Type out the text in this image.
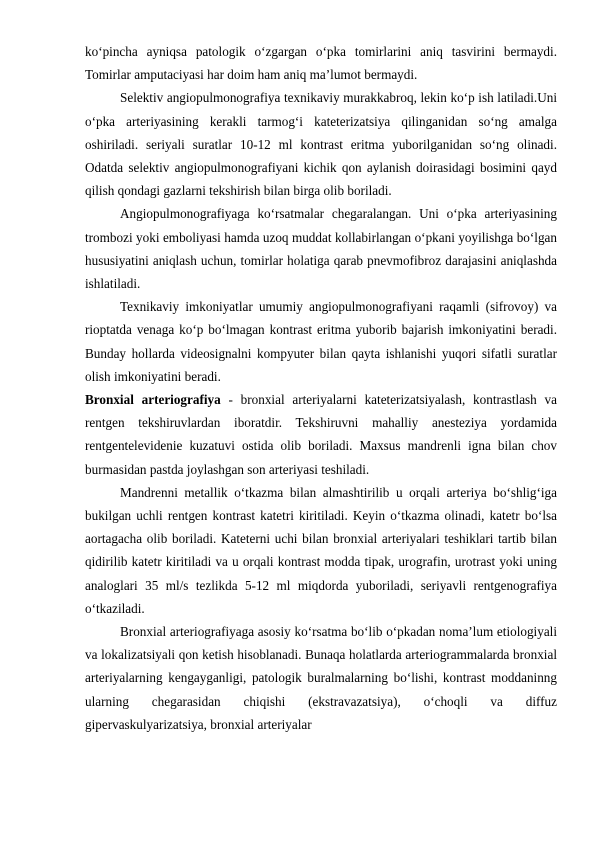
ko‘pincha ayniqsa patologik o‘zgargan o‘pka tomirlarini aniq tasvirini bermaydi. Tomirlar amputaciyasi har doim ham aniq ma’lumot bermaydi.

Selektiv angiopulmonografiya texnikaviy murakkabroq, lekin ko‘p ish latiladi.Uni o‘pka arteriyasining kerakli tarmog‘i kateterizatsiya qilinganidan so‘ng amalga oshiriladi. seriyali suratlar 10-12 ml kontrast eritma yuborilganidan so‘ng olinadi. Odatda selektiv angiopulmonografiyani kichik qon aylanish doirasidagi bosimini qayd qilish qondagi gazlarni tekshirish bilan birga olib boriladi.

Angiopulmonografiyaga ko‘rsatmalar chegaralangan. Uni o‘pka arteriyasining trombozi yoki emboliyasi hamda uzoq muddat kollabirlangan o‘pkani yoyilishga bo‘lgan hususiyatini aniqlash uchun, tomirlar holatiga qarab pnevmofibroz darajasini aniqlashda ishlatiladi.

Texnikaviy imkoniyatlar umumiy angiopulmonografiyani raqamli (sifrovoy) va rioptatda venaga ko‘p bo‘lmagan kontrast eritma yuborib bajarish imkoniyatini beradi. Bunday hollarda videosignalni kompyuter bilan qayta ishlanishi yuqori sifatli suratlar olish imkoniyatini beradi.

Bronxial arteriografiya - bronxial arteriyalarni kateterizatsiyalash, kontrastlash va rentgen tekshiruvlardan iboratdir. Tekshiruvni mahalliy anesteziya yordamida rentgentelevidenie kuzatuvi ostida olib boriladi. Maxsus mandrenli igna bilan chov burmasidan pastda joylashgan son arteriyasi teshiladi.

Mandrenni metallik o‘tkazma bilan almashtirilib u orqali arteriya bo‘shlig‘iga bukilgan uchli rentgen kontrast katetri kiritiladi. Keyin o‘tkazma olinadi, katetr bo‘lsa aortagacha olib boriladi. Kateterni uchi bilan bronxial arteriyalari teshiklari tartib bilan qidirilib katetr kiritiladi va u orqali kontrast modda tipak, urografin, urotrast yoki uning analoglari 35 ml/s tezlikda 5-12 ml miqdorda yuboriladi, seriyavli rentgenografiya o‘tkaziladi.

Bronxial arteriografiyaga asosiy ko‘rsatma bo‘lib o‘pkadan noma’lum etiologiyali va lokalizatsiyali qon ketish hisoblanadi. Bunaqa holatlarda arteriogrammalarda bronxial arteriyalarning kengayganligi, patologik buralmalarning bo‘lishi, kontrast moddaninng ularning chegarasidan chiqishi (ekstravazatsiya), o‘choqli va diffuz gipervaskulyarizatsiya, bronxial arteriyalar
